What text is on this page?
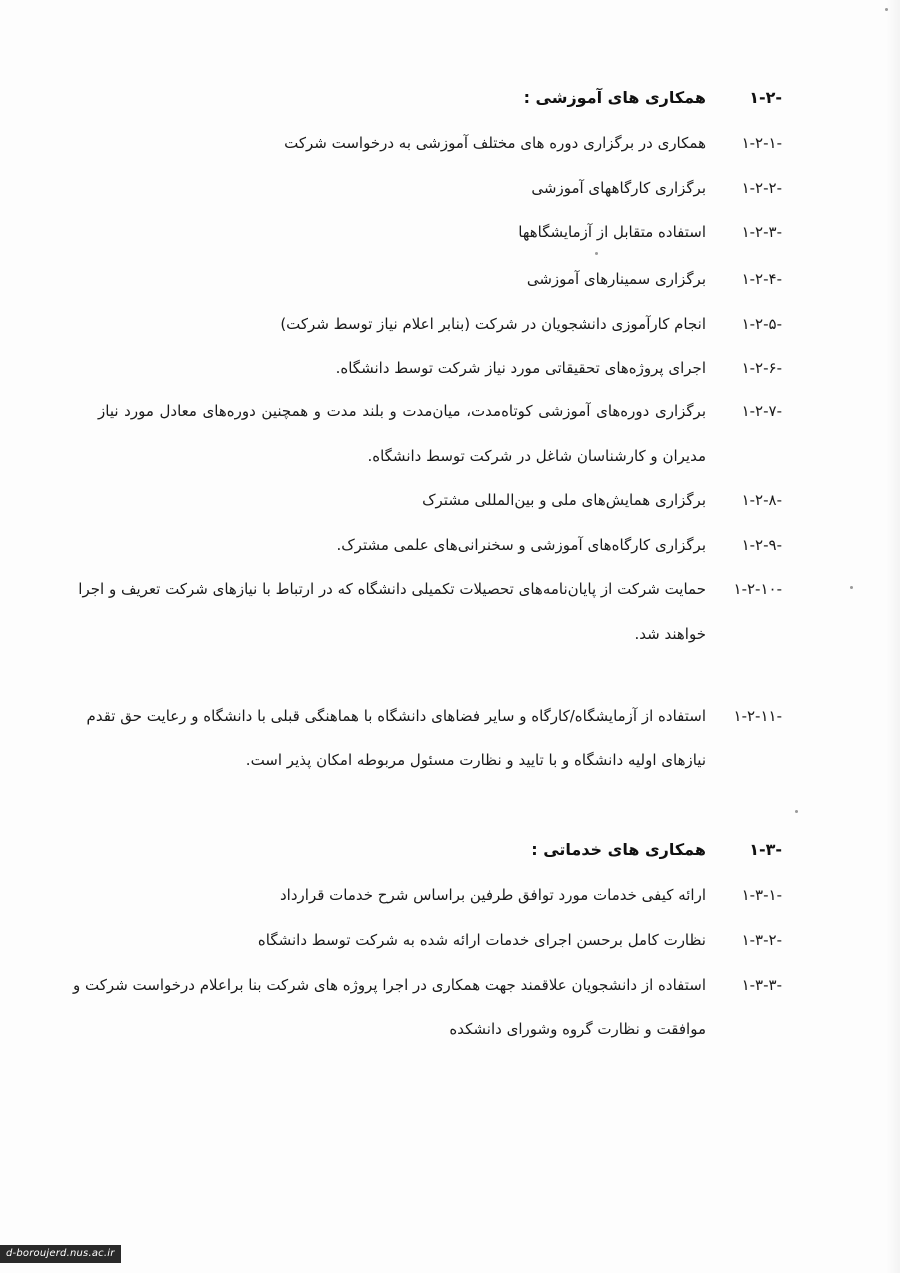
۱-۲-همکاری های آموزشی :
۱-۲-۱-همکاری در برگزاری دوره های مختلف آموزشی به درخواست شرکت
۱-۲-۲-برگزاری کارگاههای آموزشی
۱-۲-۳-استفاده متقابل از آزمایشگاهها
۱-۲-۴-برگزاری سمینارهای آموزشی
۱-۲-۵-انجام کارآموزی دانشجویان در شرکت (بنابر اعلام نیاز توسط شرکت)
۱-۲-۶-اجرای پروژه‌های تحقیقاتی مورد نیاز شرکت توسط دانشگاه.
۱-۲-۷-برگزاری دوره‌های آموزشی کوتاه‌مدت، میان‌مدت و بلند مدت و همچنین دوره‌های معادل مورد نیاز
مدیران و کارشناسان شاغل در شرکت توسط دانشگاه.
۱-۲-۸-برگزاری همایش‌های ملی و بین‌المللی مشترک
۱-۲-۹-برگزاری کارگاه‌های آموزشی و سخنرانی‌های علمی مشترک.
۱-۲-۱۰-حمایت شرکت از پایان‌نامه‌های تحصیلات تکمیلی دانشگاه که در ارتباط با نیازهای شرکت تعریف و اجرا
خواهند شد.
۱-۲-۱۱-استفاده از آزمایشگاه/کارگاه و سایر فضاهای دانشگاه با هماهنگی قبلی با دانشگاه و رعایت حق تقدم
نیازهای اولیه دانشگاه و با تایید و نظارت مسئول مربوطه امکان پذیر است.
۱-۳-همکاری های خدماتی :
۱-۳-۱-ارائه کیفی خدمات مورد توافق طرفین براساس شرح خدمات قرارداد
۱-۳-۲-نظارت کامل برحسن اجرای خدمات ارائه شده به شرکت توسط دانشگاه
۱-۳-۳-استفاده از دانشجویان علاقمند جهت همکاری در اجرا پروژه های شرکت بنا براعلام درخواست شرکت و
موافقت و نظارت گروه وشورای دانشکده
d-boroujerd.nus.ac.ir
